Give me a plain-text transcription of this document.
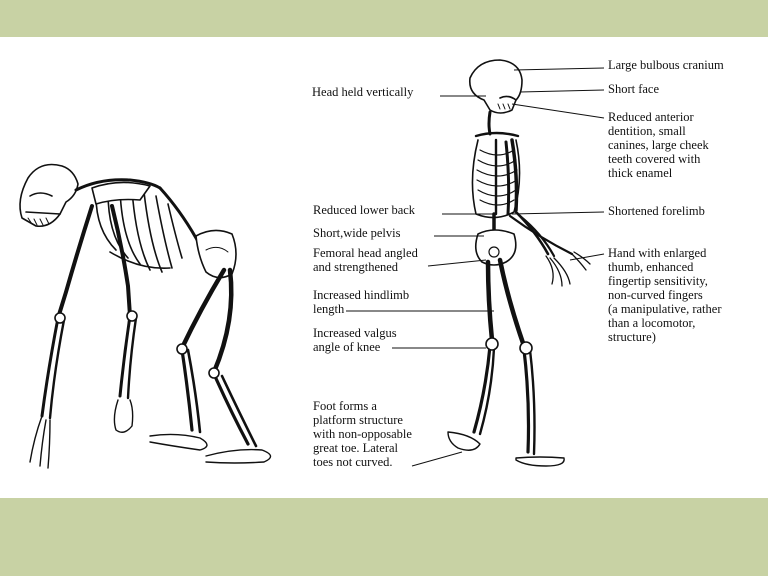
Large bulbous cranium
Short face
Reduced anterior
dentition, small
canines, large cheek
teeth covered with
thick enamel
Shortened forelimb
Hand with enlarged
thumb, enhanced
fingertip sensitivity,
non-curved fingers
(a manipulative, rather
than a locomotor,
structure)
Head held vertically
Reduced lower back
Short,wide pelvis
Femoral head angled
and strengthened
Increased hindlimb
length
Increased valgus
angle of knee
Foot forms a
platform structure
with non-opposable
great toe. Lateral
toes not curved.
